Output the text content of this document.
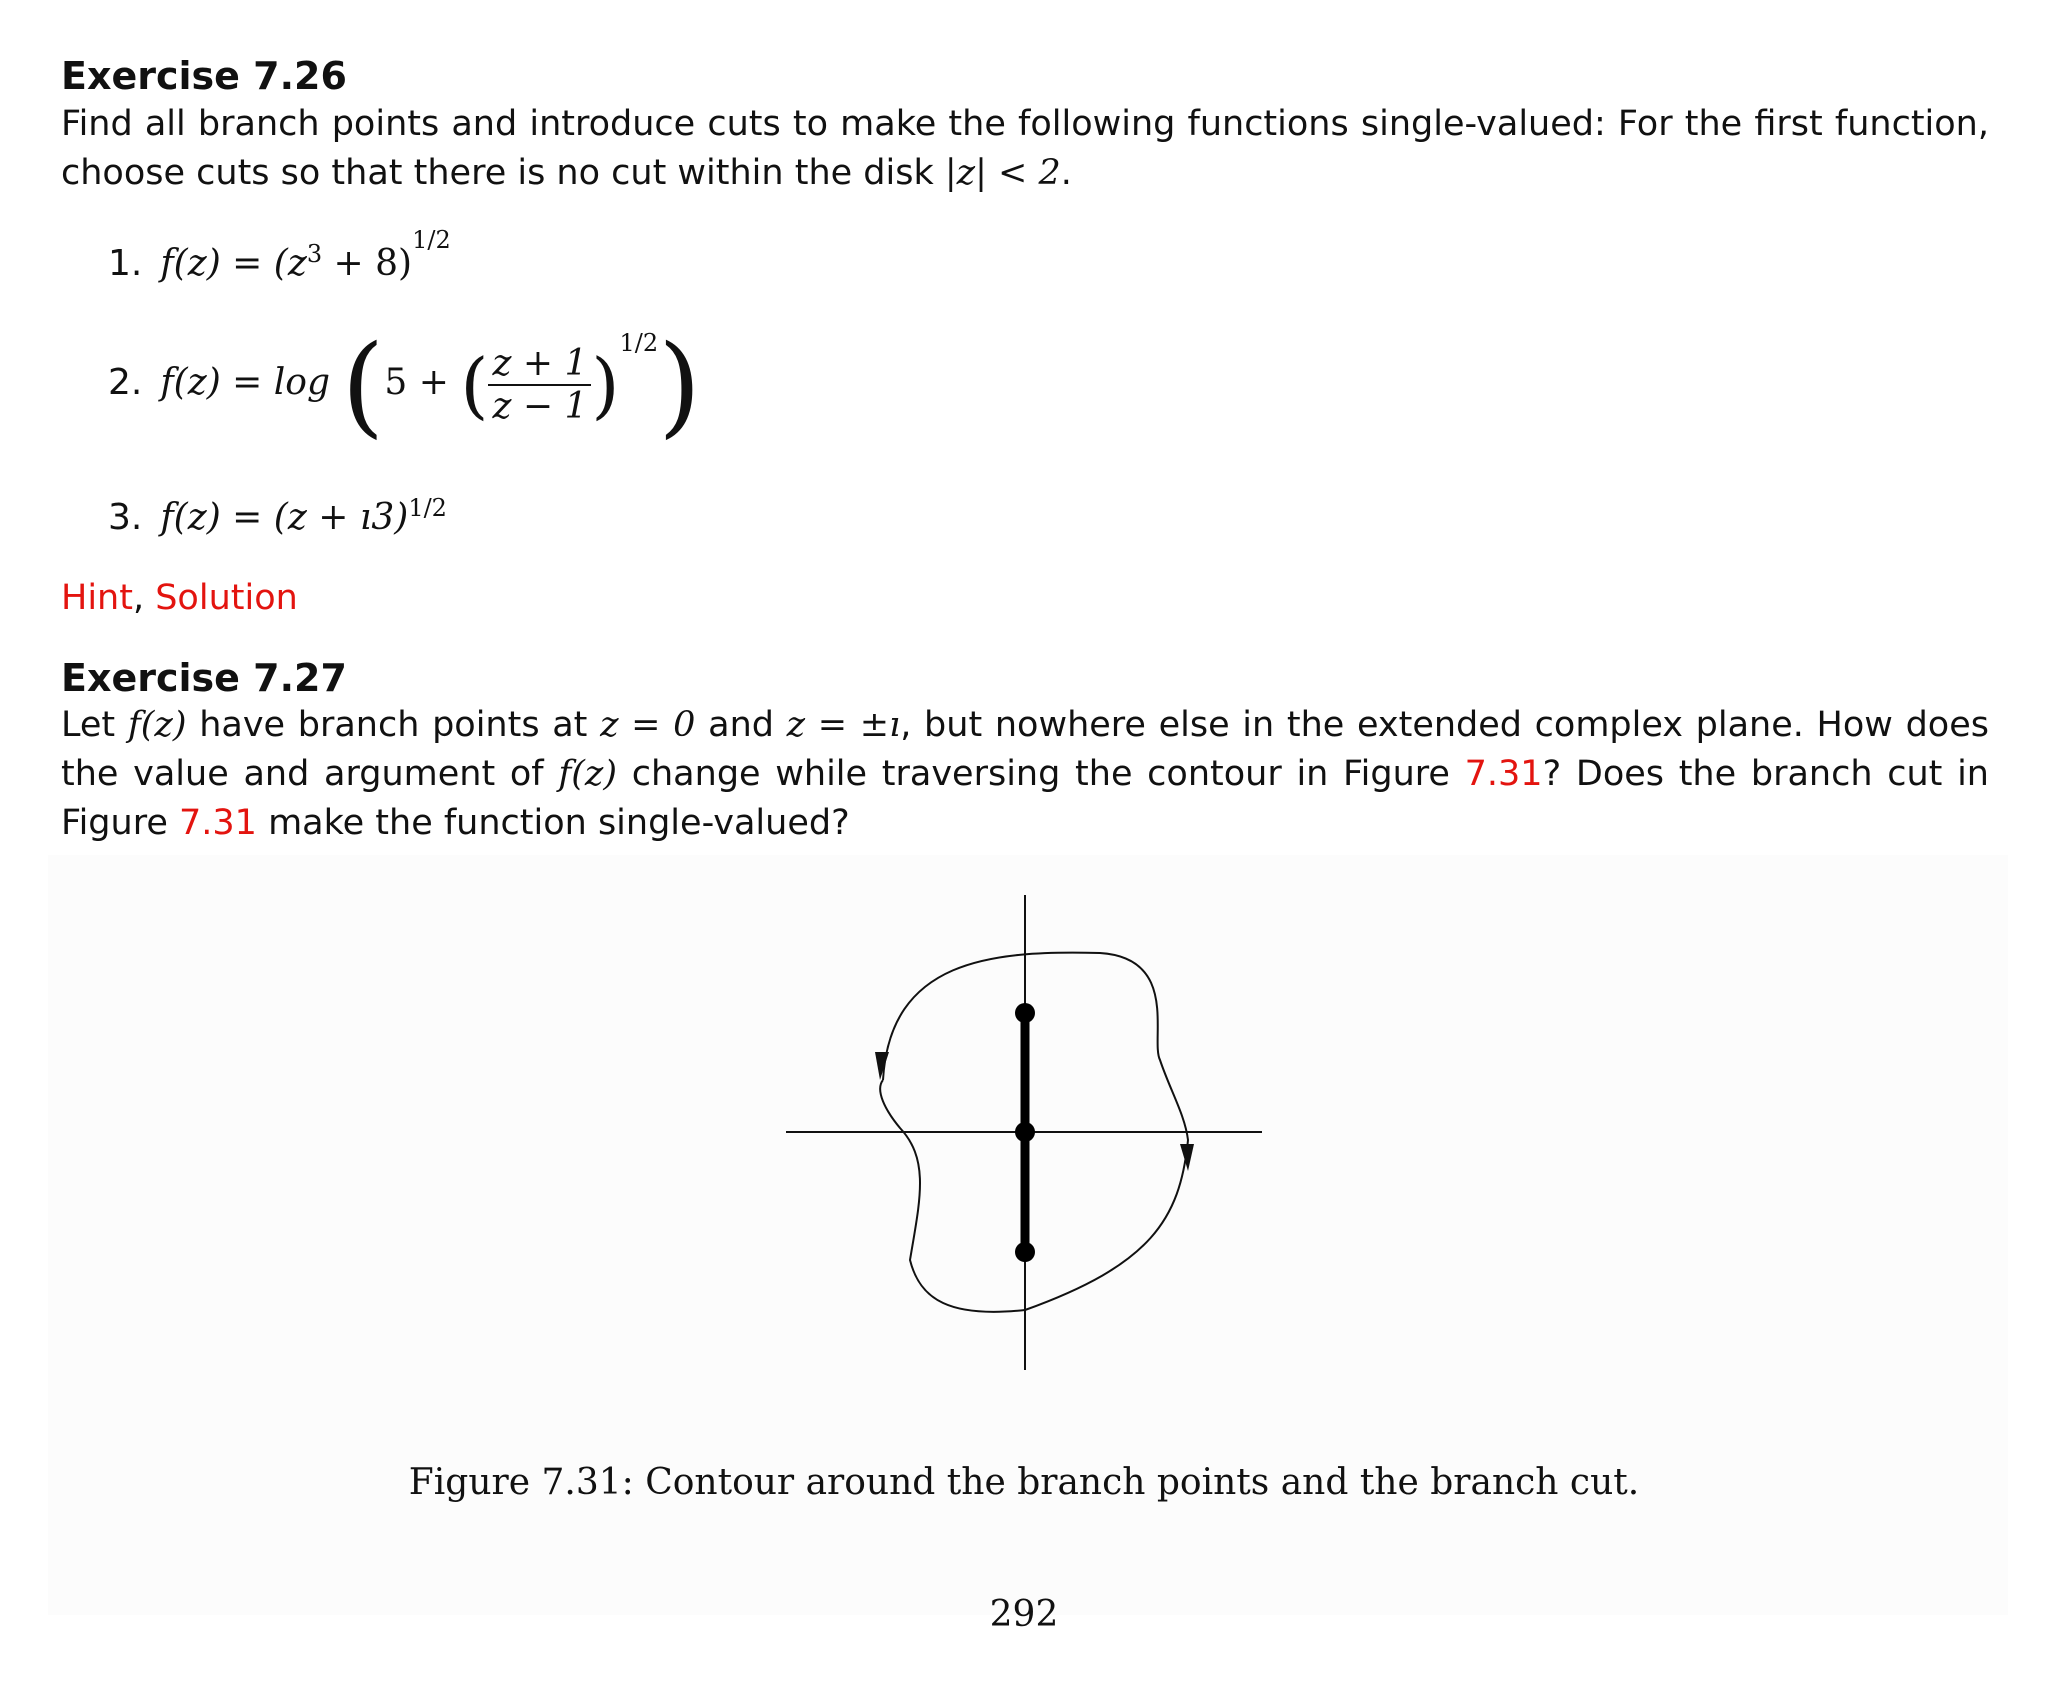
Exercise 7.26

Find all branch points and introduce cuts to make the following functions single-valued: For the first function, choose cuts so that there is no cut within the disk |z| < 2.

1. $f(z) = (z^3 + 8)^{1/2}$
2. f(z) = log (5 + ( $\frac{z + 1}{z - 1} )^{1/2}$)
3. f(z) = (z + ı3)$^{1/2}$
Hint, Solution
Exercise 7.27

Let f(z) have branch points at z = 0 and z = ±ı, but nowhere else in the extended complex plane. How does the value and argument of f(z) change while traversing the contour in Figure 7.31? Does the branch cut in Figure 7.31 make the function single-valued?

Figure 7.31: Contour around the branch points and the branch cut.
292
